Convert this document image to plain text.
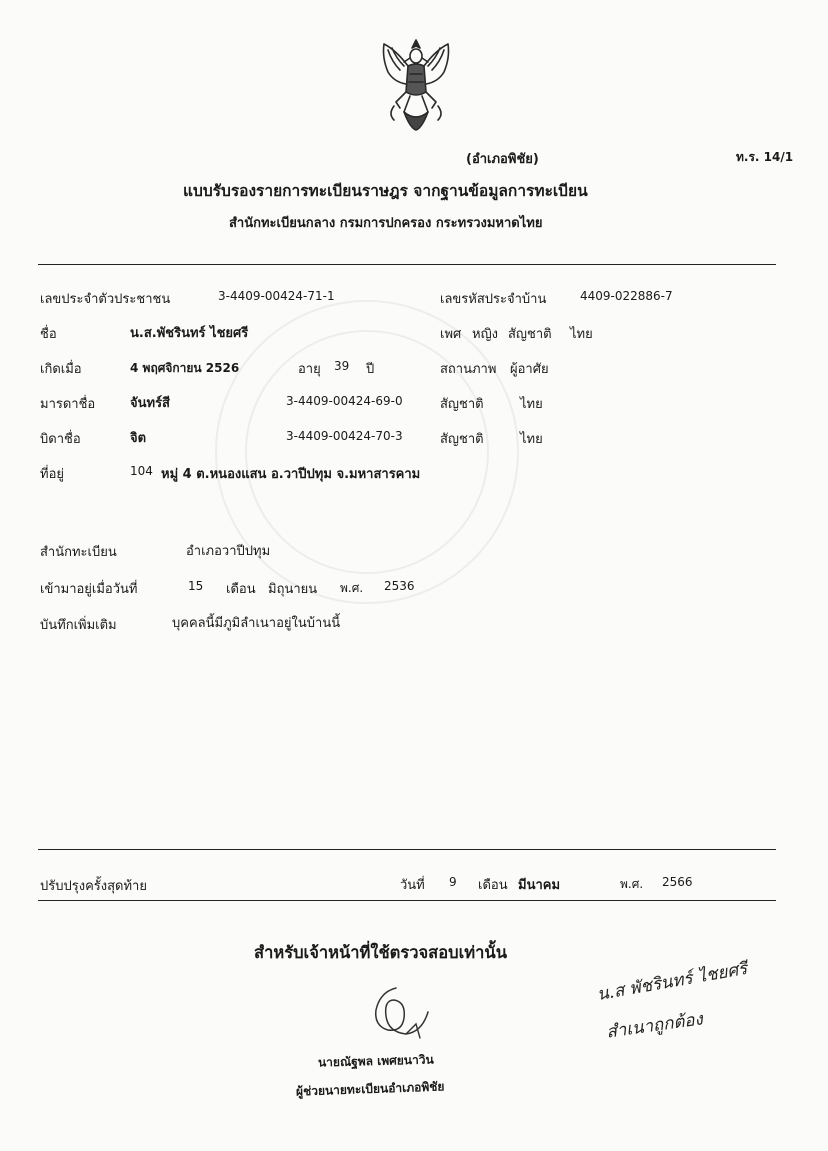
(อำเภอพิชัย)	ท.ร. 14/1
แบบรับรองรายการทะเบียนราษฎร จากฐานข้อมูลการทะเบียน
สำนักทะเบียนกลาง กรมการปกครอง กระทรวงมหาดไทย
เลขประจำตัวประชาชน	3-4409-00424-71-1	เลขรหัสประจำบ้าน	4409-022886-7
ชื่อ	น.ส.พัชรินทร์ ไชยศรี	เพศ หญิง สัญชาติ ไทย
เกิดเมื่อ	4 พฤศจิกายน 2526	อายุ 39 ปี	สถานภาพ ผู้อาศัย
มารดาชื่อ	จันทร์สี	3-4409-00424-69-0	สัญชาติ	ไทย
บิดาชื่อ	จิต	3-4409-00424-70-3	สัญชาติ	ไทย
ที่อยู่	104 หมู่ 4 ต.หนองแสน อ.วาปีปทุม จ.มหาสารคาม
สำนักทะเบียน	อำเภอวาปีปทุม
เข้ามาอยู่เมื่อวันที่	15 เดือน มิถุนายน พ.ศ. 2536
บันทึกเพิ่มเติม	บุคคลนี้มีภูมิลำเนาอยู่ในบ้านนี้
ปรับปรุงครั้งสุดท้าย	วันที่ 9 เดือน มีนาคม	พ.ศ. 2566
สำหรับเจ้าหน้าที่ใช้ตรวจสอบเท่านั้น
นายณัฐพล เพศยนาวิน
ผู้ช่วยนายทะเบียนอำเภอพิชัย
น.ส พัชรินทร์ ไชยศรี
สำเนาถูกต้อง
